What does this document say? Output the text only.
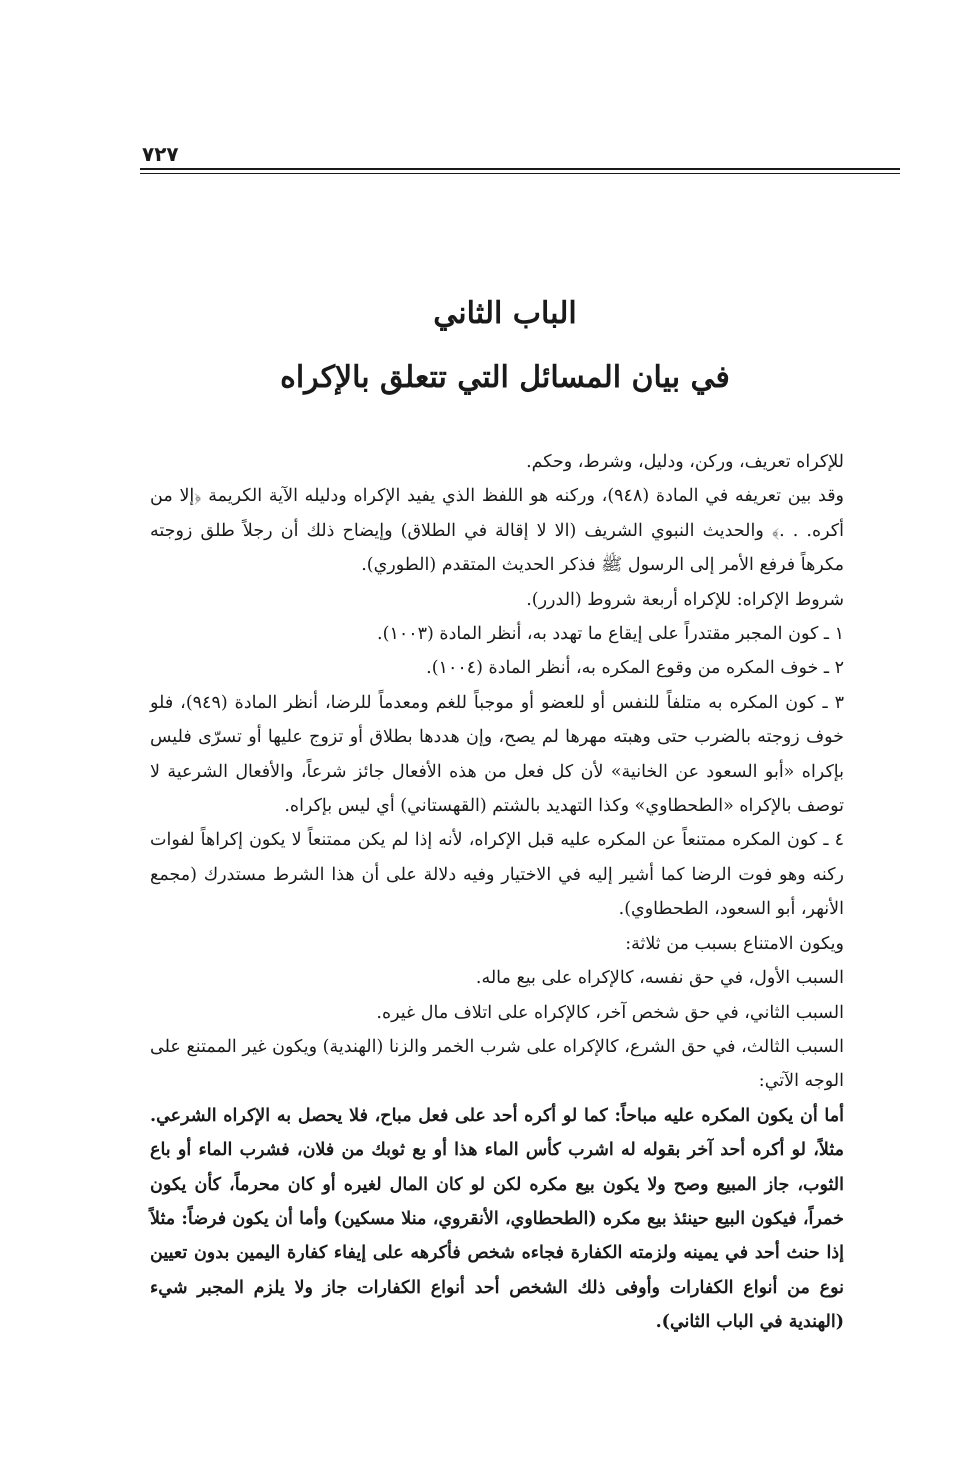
٧٢٧
الباب الثاني
في بيان المسائل التي تتعلق بالإكراه

للإكراه تعريف، وركن، ودليل، وشرط، وحكم.

وقد بين تعريفه في المادة (٩٤٨)، وركنه هو اللفظ الذي يفيد الإكراه ودليله الآية الكريمة ﴿إلا من أكره. . .﴾ والحديث النبوي الشريف (الا لا إقالة في الطلاق) وإيضاح ذلك أن رجلاً طلق زوجته مكرهاً فرفع الأمر إلى الرسول ﷺ فذكر الحديث المتقدم (الطوري).

شروط الإكراه: للإكراه أربعة شروط (الدرر).

١ ـ كون المجبر مقتدراً على إيقاع ما تهدد به، أنظر المادة (١٠٠٣).

٢ ـ خوف المكره من وقوع المكره به، أنظر المادة (١٠٠٤).

٣ ـ كون المكره به متلفاً للنفس أو للعضو أو موجباً للغم ومعدماً للرضا، أنظر المادة (٩٤٩)، فلو خوف زوجته بالضرب حتى وهبته مهرها لم يصح، وإن هددها بطلاق أو تزوج عليها أو تسرّى فليس بإكراه «أبو السعود عن الخانية» لأن كل فعل من هذه الأفعال جائز شرعاً، والأفعال الشرعية لا توصف بالإكراه «الطحطاوي» وكذا التهديد بالشتم (القهستاني) أي ليس بإكراه.

٤ ـ كون المكره ممتنعاً عن المكره عليه قبل الإكراه، لأنه إذا لم يكن ممتنعاً لا يكون إكراهاً لفوات ركنه وهو فوت الرضا كما أشير إليه في الاختيار وفيه دلالة على أن هذا الشرط مستدرك (مجمع الأنهر، أبو السعود، الطحطاوي).

ويكون الامتناع بسبب من ثلاثة:

السبب الأول، في حق نفسه، كالإكراه على بيع ماله.

السبب الثاني، في حق شخص آخر، كالإكراه على اتلاف مال غيره.

السبب الثالث، في حق الشرع، كالإكراه على شرب الخمر والزنا (الهندية) ويكون غير الممتنع على الوجه الآتي:

أما أن يكون المكره عليه مباحاً: كما لو أكره أحد على فعل مباح، فلا يحصل به الإكراه الشرعي. مثلاً، لو أكره أحد آخر بقوله له اشرب كأس الماء هذا أو بع ثوبك من فلان، فشرب الماء أو باع الثوب، جاز المبيع وصح ولا يكون بيع مكره لكن لو كان المال لغيره أو كان محرماً، كأن يكون خمراً، فيكون البيع حينئذ بيع مكره (الطحطاوي، الأنقروي، منلا مسكين) وأما أن يكون فرضاً: مثلاً إذا حنث أحد في يمينه ولزمته الكفارة فجاءه شخص فأكرهه على إيفاء كفارة اليمين بدون تعيين نوع من أنواع الكفارات وأوفى ذلك الشخص أحد أنواع الكفارات جاز ولا يلزم المجبر شيء (الهندية في الباب الثاني).
